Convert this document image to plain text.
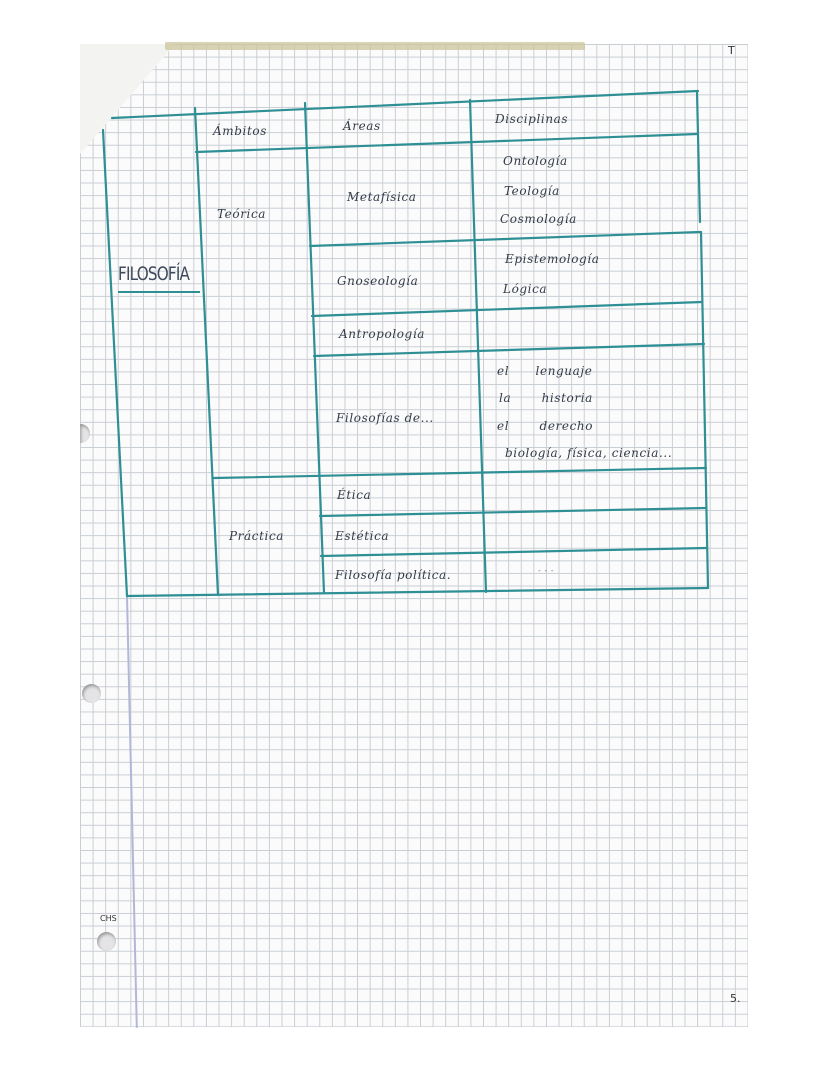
T
CHS
5.
FILOSOFÍA
Ámbitos	Áreas	Disciplinas
Teórica
Práctica
Metafísica
Gnoseología
Antropología
Filosofías de...
Ética
Estética
Filosofía política.
Ontología
Teología
Cosmología
Epistemología
Lógica
el lenguaje
la historia
el derecho
biología, física, ciencia...
- - -
